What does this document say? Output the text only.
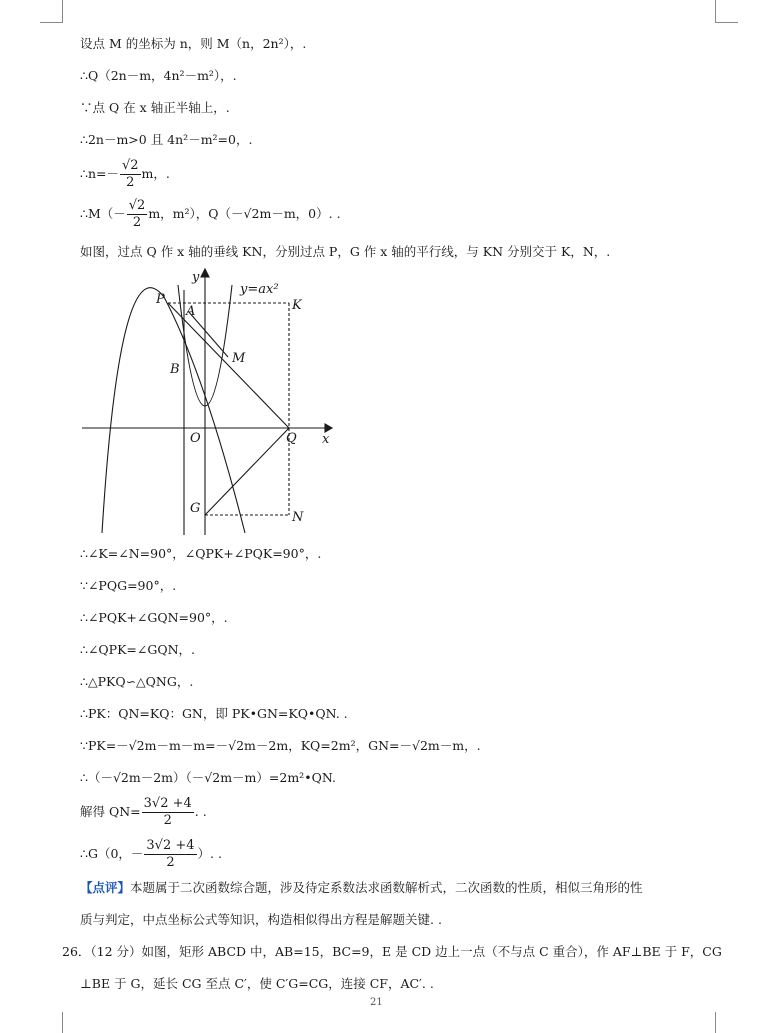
设点 M 的坐标为 n，则 M（n，2n²），.
∴Q（2n－m，4n²－m²），.
∵点 Q 在 x 轴正半轴上，.
∴2n－m>0 且 4n²－m²=0，.
∴n=－ $\frac{√2}{2}$ m，.
∴M（－ $\frac{√2}{2}$ m，m²），Q（－√2m－m，0）. .
如图，过点 Q 作 x 轴的垂线 KN，分别过点 P，G 作 x 轴的平行线，与 KN 分别交于 K，N，.
y
x
y=ax²
P
A	K
M
B
O	Q
G
N
∴∠K=∠N=90°，∠QPK+∠PQK=90°，.
∵∠PQG=90°，.
∴∠PQK+∠GQN=90°，.
∴∠QPK=∠GQN，.
∴△PKQ∽△QNG，.
∴PK：QN=KQ：GN，即 PK•GN=KQ•QN. .
∵PK=－√2m－m－m=－√2m－2m，KQ=2m²，GN=－√2m－m，.
∴（－√2m－2m）（－√2m－m）=2m²•QN.
解得 $QN= \frac{3√2 +4}{2}$ . .
∴G（0，－ $\frac{3√2 +4}{2}$ ）. .
【点评】本题属于二次函数综合题，涉及待定系数法求函数解析式，二次函数的性质，相似三角形的性
质与判定，中点坐标公式等知识，构造相似得出方程是解题关键. .
26．（12 分）如图，矩形 ABCD 中，AB=15，BC=9，E 是 CD 边上一点（不与点 C 重合），作 AF⊥BE 于 F，CG
⊥BE 于 G，延长 CG 至点 C′，使 C′G=CG，连接 CF，AC′. .
21
